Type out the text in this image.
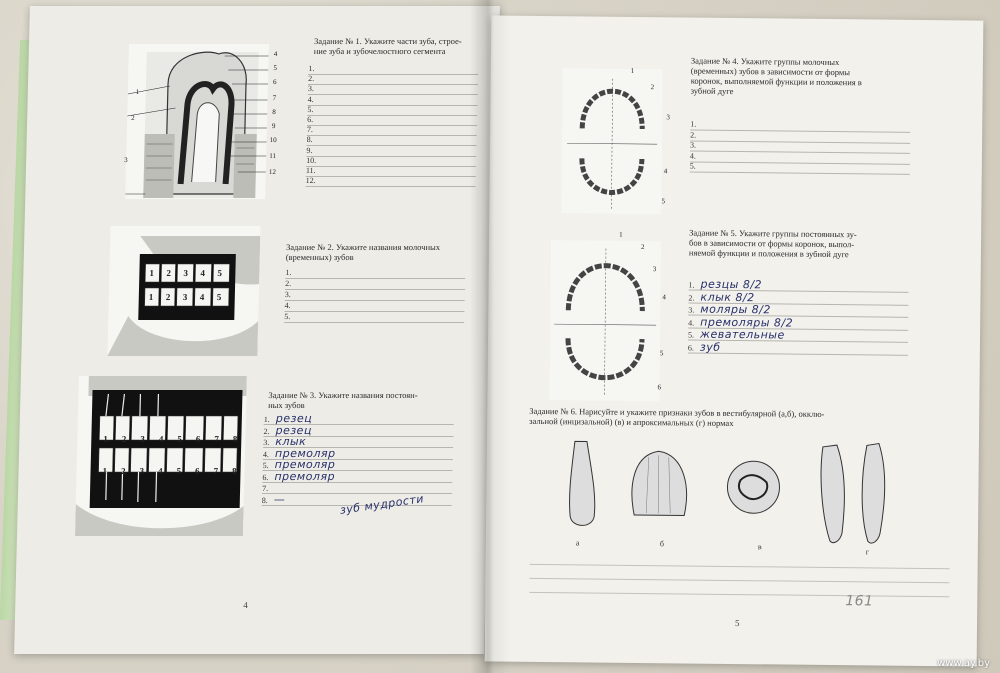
4
5
6
7
8
9
10
11
12
1
2
3
Задание № 1. Укажите части зуба, строе-
ние зуба и зубочелюстного сегмента
1.
2.
3.
4.
5.
6.
7.
8.
9.
10.
11.
12.
1 2 3 4 5
1 2 3 4 5
Задание № 2. Укажите названия молочных
(временных) зубов
1.
2.
3.
4.
5.
1 2 3 4 5 6 7 8
1 2 3 4 5 6 7 8
Задание № 3. Укажите названия постоян-
ных зубов
1. резец
2. резец
3. клык
4. премоляр
5. премоляр
6. премоляр
7.
8. —	зуб мудрости
4
1
2
3
4
5
Задание № 4. Укажите группы молочных
(временных) зубов в зависимости от формы
коронок, выполняемой функции и положения в
зубной дуге
1.
2.
3.
4.
5.
1
2
3
4
5
6
Задание № 5. Укажите группы постоянных зу-
бов в зависимости от формы коронок, выпол-
няемой функции и положения в зубной дуге
1. резцы 8/2
2. клык 8/2
3. моляры 8/2
4. премоляры 8/2
5. жевательные
6. зуб
Задание № 6. Нарисуйте и укажите признаки зубов в вестибулярной (а,б), окклю-
зальной (инцизальной) (в) и апроксимальных (г) нормах
а	б	в
г
161
5
www.ay.by
